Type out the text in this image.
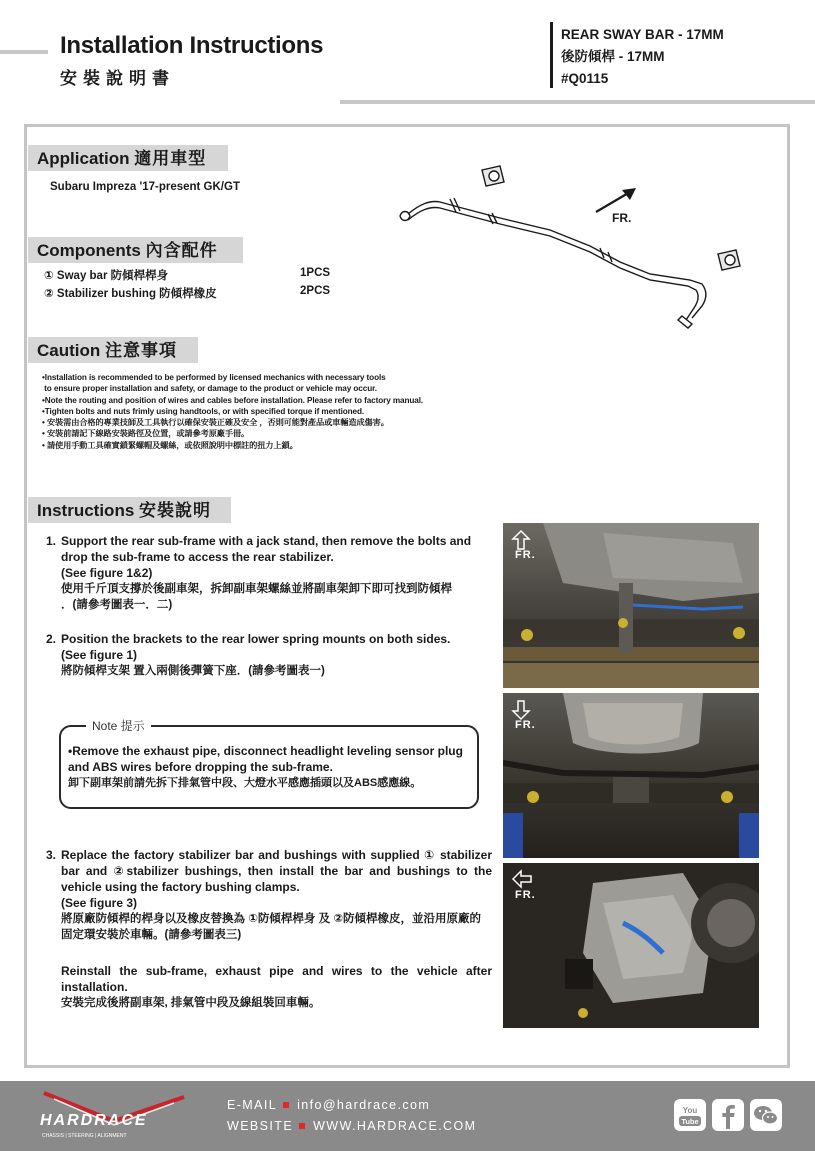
Installation Instructions
安裝說明書
REAR SWAY BAR - 17MM
後防傾桿 - 17MM
#Q0115
Application 適用車型
Subaru Impreza '17-present GK/GT
Components 內含配件
① Sway bar 防傾桿桿身	1PCS
② Stabilizer bushing 防傾桿橡皮	2PCS
FR.
Caution 注意事項
•Installation is recommended to be performed by licensed mechanics with necessary tools
to ensure proper installation and safety, or damage to the product or vehicle may occur.
•Note the routing and position of wires and cables before installation. Please refer to factory manual.
•Tighten bolts and nuts frimly using handtools, or with specified torque if mentioned.
• 安裝需由合格的專業技師及工具執行以確保安裝正確及安全 ，否則可能對產品或車輛造成傷害。
• 安裝前請記下線路安裝路徑及位置，或請參考原廠手冊。
• 請使用手動工具確實鎖緊螺帽及螺絲，或依照說明中標註的扭力上鎖。
Instructions 安裝說明
1. Support the rear sub-frame with a jack stand, then remove the bolts and drop the sub-frame to access the rear stabilizer.
(See figure 1&2)
使用千斤頂支撐於後副車架，拆卸副車架螺絲並將副車架卸下即可找到防傾桿
．(請參考圖表一．二)
2. Position the brackets to the rear lower spring mounts on both sides.
(See figure 1)
將防傾桿支架 置入兩側後彈簧下座．(請參考圖表一)
Note 提示
•Remove the exhaust pipe, disconnect headlight leveling sensor plug and ABS wires before dropping the sub-frame.
卸下副車架前請先拆下排氣管中段、大燈水平感應插頭以及ABS感應線。
3. Replace the factory stabilizer bar and bushings with supplied ① stabilizer bar and ②stabilizer bushings, then install the bar and bushings to the vehicle using the factory bushing clamps.
(See figure 3)
將原廠防傾桿的桿身以及橡皮替換為 ①防傾桿桿身 及 ②防傾桿橡皮，並沿用原廠的固定環安裝於車輛。(請參考圖表三)
Reinstall the sub-frame, exhaust pipe and wires to the vehicle after installation.
安裝完成後將副車架, 排氣管中段及線組裝回車輛。
FR.
FR.
FR.
HARDRACE
CHASSIS | STEERING | ALIGNMENT
E-MAIL info@hardrace.com
WEBSITE WWW.HARDRACE.COM
You
Tube
